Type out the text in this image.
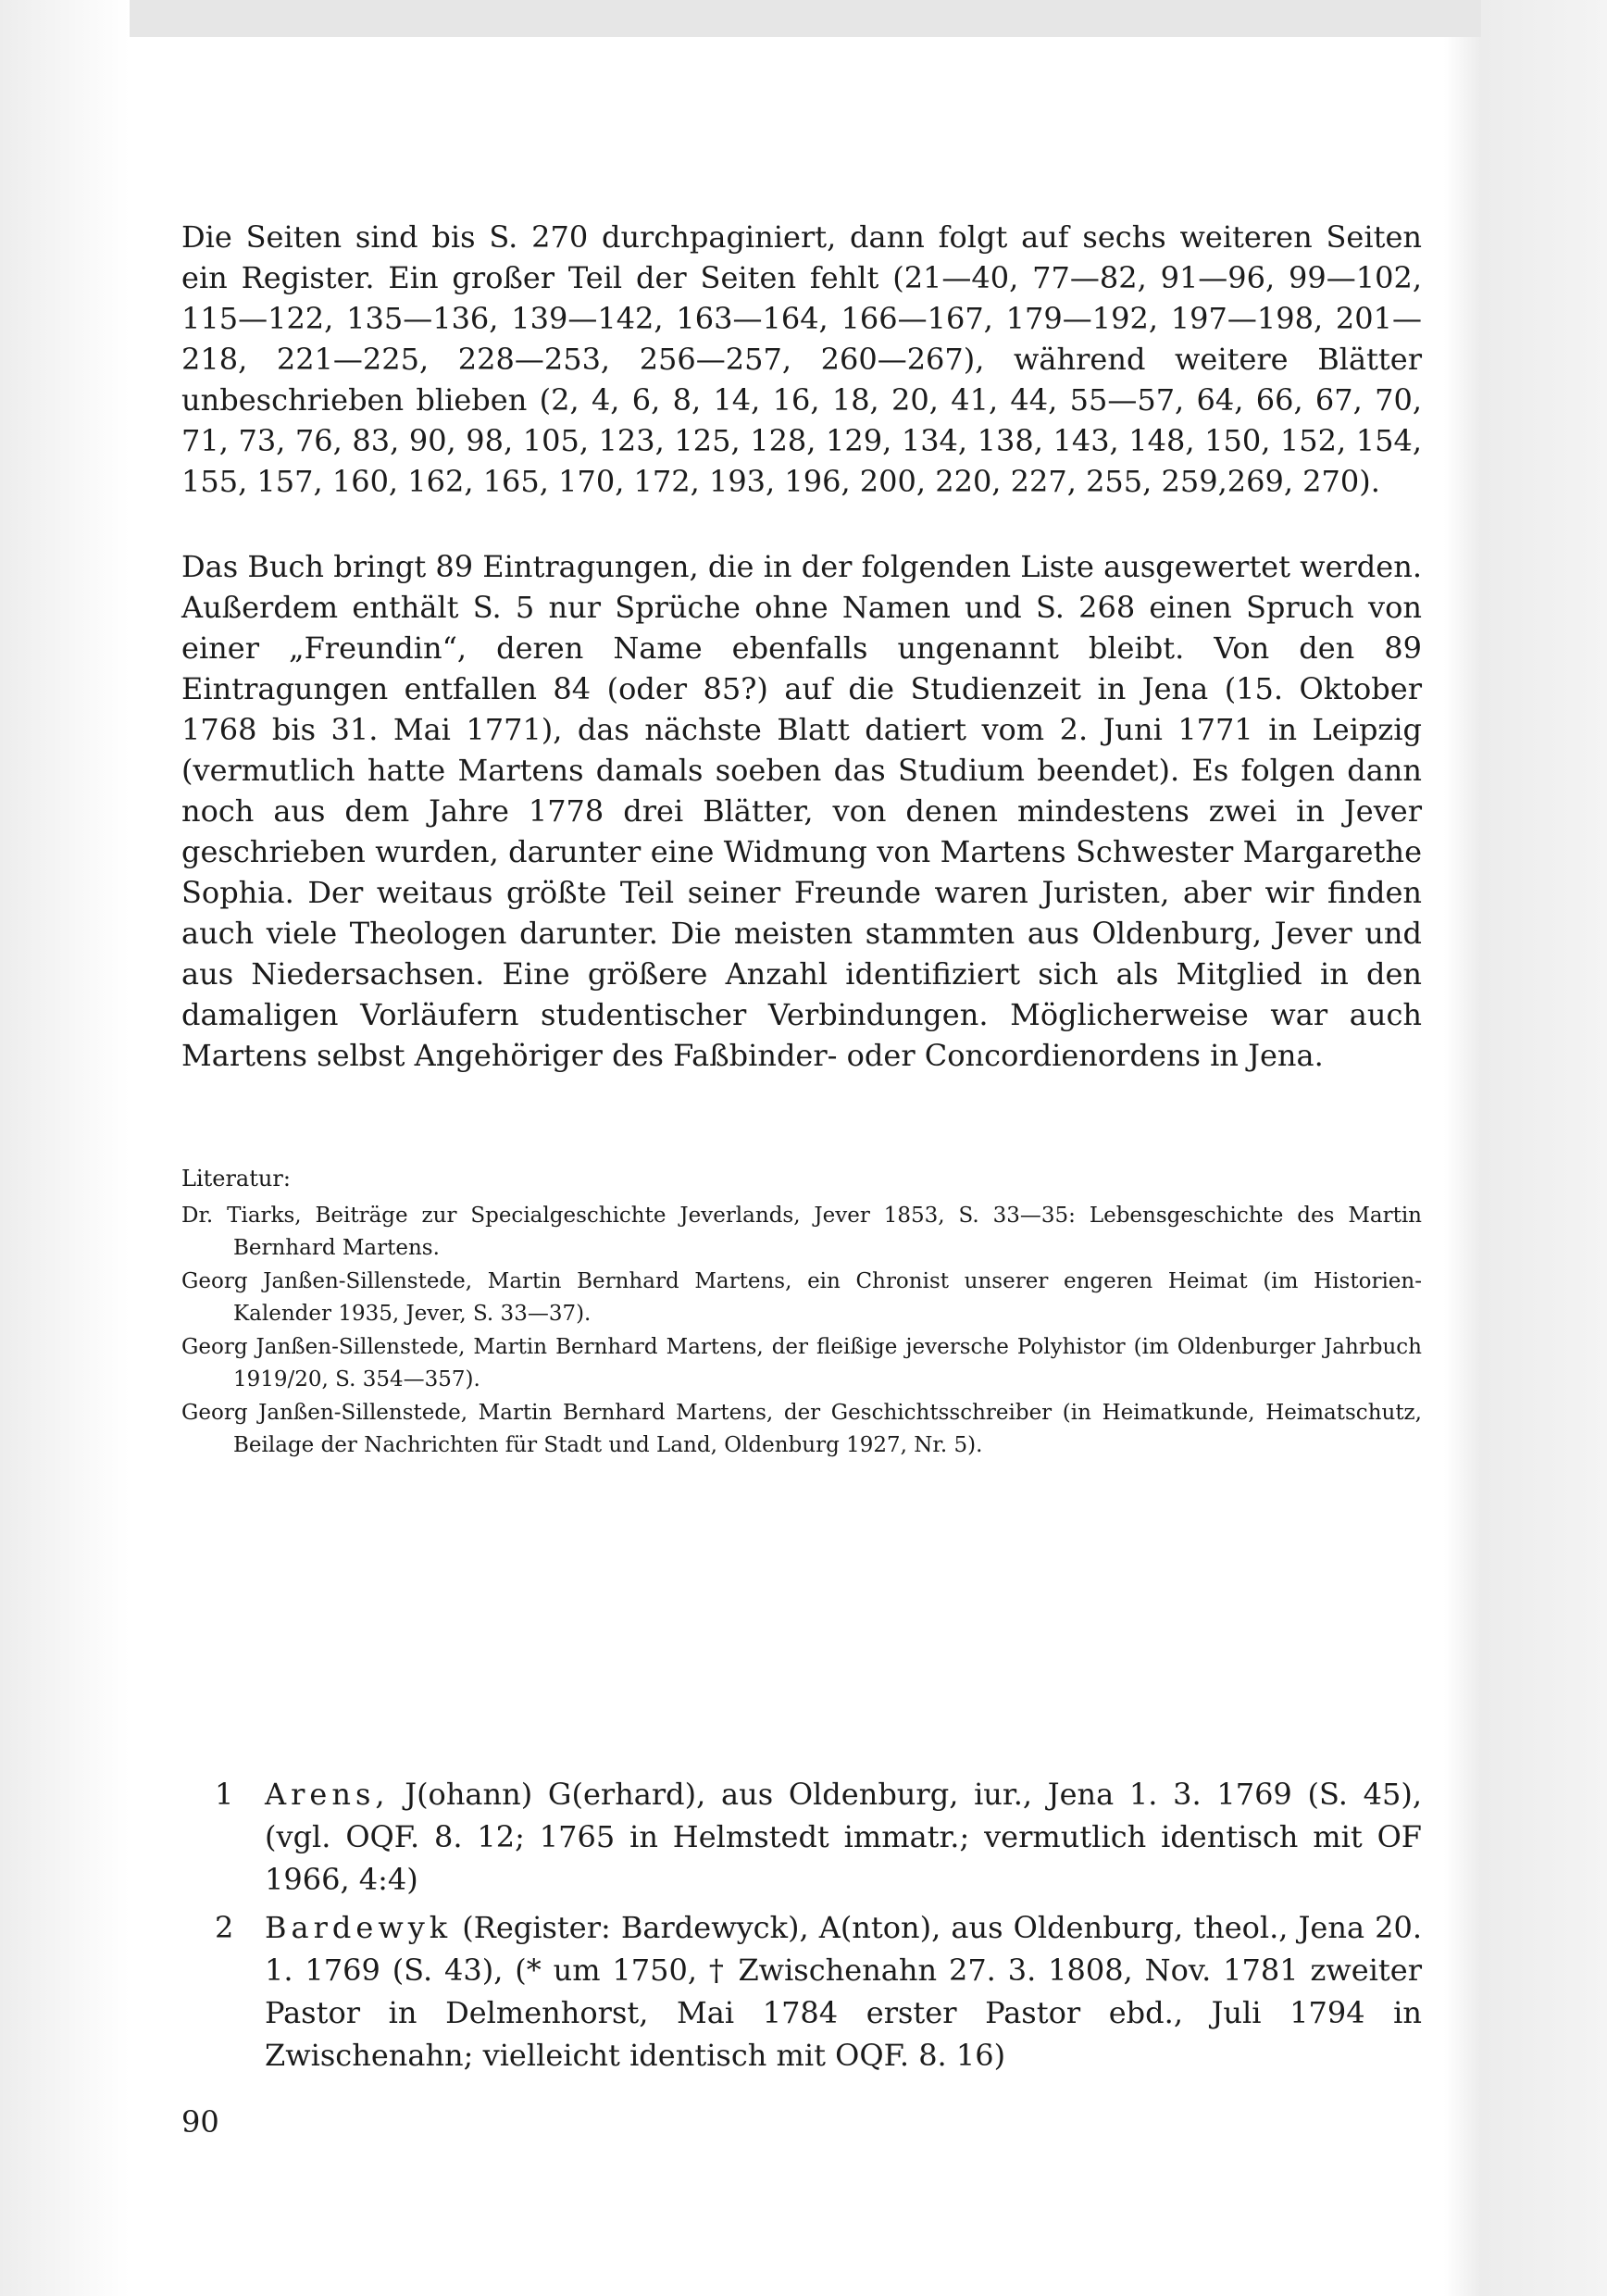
Die Seiten sind bis S. 270 durchpaginiert, dann folgt auf sechs weiteren Seiten ein Register. Ein großer Teil der Seiten fehlt (21—40, 77—82, 91—96, 99—102, 115—122, 135—136, 139—142, 163—164, 166—167, 179—192, 197—198, 201—218, 221—225, 228—253, 256—257, 260—267), während weitere Blätter unbeschrieben blieben (2, 4, 6, 8, 14, 16, 18, 20, 41, 44, 55—57, 64, 66, 67, 70, 71, 73, 76, 83, 90, 98, 105, 123, 125, 128, 129, 134, 138, 143, 148, 150, 152, 154, 155, 157, 160, 162, 165, 170, 172, 193, 196, 200, 220, 227, 255, 259,269, 270).

Das Buch bringt 89 Eintragungen, die in der folgenden Liste ausgewertet werden. Außerdem enthält S. 5 nur Sprüche ohne Namen und S. 268 einen Spruch von einer „Freundin“, deren Name ebenfalls ungenannt bleibt. Von den 89 Eintragungen entfallen 84 (oder 85?) auf die Studienzeit in Jena (15. Oktober 1768 bis 31. Mai 1771), das nächste Blatt datiert vom 2. Juni 1771 in Leipzig (vermutlich hatte Martens damals soeben das Studium beendet). Es folgen dann noch aus dem Jahre 1778 drei Blätter, von denen mindestens zwei in Jever geschrieben wurden, darunter eine Widmung von Martens Schwester Margarethe Sophia. Der weitaus größte Teil seiner Freunde waren Juristen, aber wir finden auch viele Theologen darunter. Die meisten stammten aus Oldenburg, Jever und aus Niedersachsen. Eine größere Anzahl identifiziert sich als Mitglied in den damaligen Vorläufern studentischer Verbindungen. Möglicherweise war auch Martens selbst Angehöriger des Faßbinder- oder Concordienordens in Jena.

Literatur:

Dr. Tiarks, Beiträge zur Specialgeschichte Jeverlands, Jever 1853, S. 33—35: Lebensgeschichte des Martin Bernhard Martens.
Georg Janßen-Sillenstede, Martin Bernhard Martens, ein Chronist unserer engeren Heimat (im Historien-Kalender 1935, Jever, S. 33—37).
Georg Janßen-Sillenstede, Martin Bernhard Martens, der fleißige jeversche Polyhistor (im Oldenburger Jahrbuch 1919/20, S. 354—357).
Georg Janßen-Sillenstede, Martin Bernhard Martens, der Geschichtsschreiber (in Heimatkunde, Heimatschutz, Beilage der Nachrichten für Stadt und Land, Oldenburg 1927, Nr. 5).
1 Arens, J(ohann) G(erhard), aus Oldenburg, iur., Jena 1. 3. 1769 (S. 45), (vgl. OQF. 8. 12; 1765 in Helmstedt immatr.; vermutlich identisch mit OF 1966, 4:4)
2 Bardewyk (Register: Bardewyck), A(nton), aus Oldenburg, theol., Jena 20. 1. 1769 (S. 43), (* um 1750, † Zwischenahn 27. 3. 1808, Nov. 1781 zweiter Pastor in Delmenhorst, Mai 1784 erster Pastor ebd., Juli 1794 in Zwischenahn; vielleicht identisch mit OQF. 8. 16)

90
